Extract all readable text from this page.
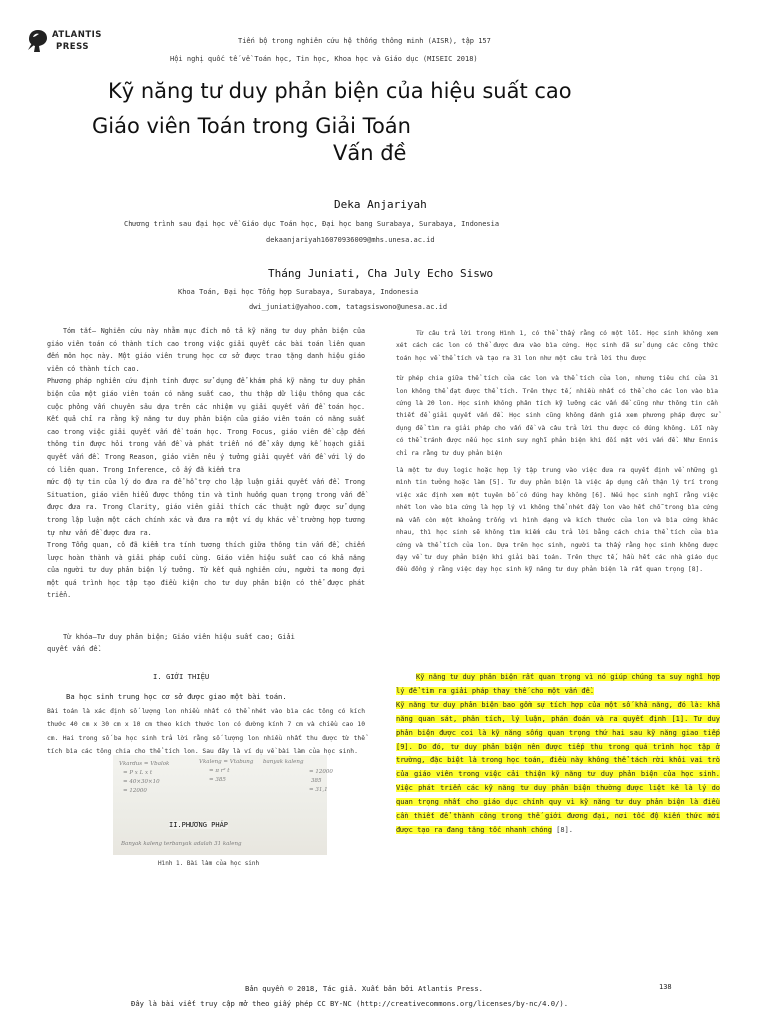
ATLANTIS
PRESS
Tiến bộ trong nghiên cứu hệ thống thông minh (AISR), tập 157
Hội nghị quốc tế về Toán học, Tin học, Khoa học và Giáo dục (MISEIC 2018)
Kỹ năng tư duy phản biện của hiệu suất cao
Giáo viên Toán trong Giải Toán
Vấn đề
Deka Anjariyah
Chương trình sau đại học về Giáo dục Toán học, Đại học bang Surabaya, Surabaya, Indonesia
dekaanjariyah16070936009@mhs.unesa.ac.id
Tháng Juniati, Cha July Echo Siswo
Khoa Toán, Đại học Tổng hợp Surabaya, Surabaya, Indonesia
dwi_juniati@yahoo.com, tatagsiswono@unesa.ac.id

Tóm tắt— Nghiên cứu này nhằm mục đích mô tả kỹ năng tư duy phản biện của giáo viên toán có thành tích cao trong việc giải quyết các bài toán liên quan đến môn học này. Một giáo viên trung học cơ sở được trao tặng danh hiệu giáo viên có thành tích cao.

Phương pháp nghiên cứu định tính được sử dụng để khám phá kỹ năng tư duy phản biện của một giáo viên toán có năng suất cao, thu thập dữ liệu thông qua các cuộc phỏng vấn chuyên sâu dựa trên các nhiệm vụ giải quyết vấn đề toán học. Kết quả chỉ ra rằng kỹ năng tư duy phản biện của giáo viên toán có năng suất cao trong việc giải quyết vấn đề toán học. Trong Focus, giáo viên đề cập đến thông tin được hỏi trong vấn đề và phát triển nó để xây dựng kế hoạch giải quyết vấn đề. Trong Reason, giáo viên nêu ý tưởng giải quyết vấn đề với lý do có liên quan. Trong Inference, cô ấy đã kiểm tra

mức độ tự tin của lý do đưa ra để hỗ trợ cho lập luận giải quyết vấn đề. Trong Situation, giáo viên hiểu được thông tin và tình huống quan trọng trong vấn đề được đưa ra. Trong Clarity, giáo viên giải thích các thuật ngữ được sử dụng trong lập luận một cách chính xác và đưa ra một ví dụ khác về trường hợp tương tự như vấn đề được đưa ra.

Trong Tổng quan, cô đã kiểm tra tính tương thích giữa thông tin vấn đề, chiến lược hoàn thành và giải pháp cuối cùng. Giáo viên hiệu suất cao có khả năng của người tư duy phản biện lý tưởng. Từ kết quả nghiên cứu, người ta mong đợi một quá trình học tập tạo điều kiện cho tư duy phản biện có thể được phát triển.

Từ khóa—Tư duy phản biện; Giáo viên hiệu suất cao; Giải quyết vấn đề.
I. GIỚI THIỆU
Ba học sinh trung học cơ sở được giao một bài toán.
Bài toán là xác định số lượng lon nhiều nhất có thể nhét vào bìa các tông có kích thước 40 cm x 30 cm x 10 cm theo kích thước lon có đường kính 7 cm và chiều cao 10 cm. Hai trong số ba học sinh trả lời rằng số lượng lon nhiều nhất thu được từ thể tích bìa các tông chia cho thể tích lon. Sau đây là ví dụ về bài làm của học sinh.
Vkardus = Vbalok
= P x L x t
= 40×30×10
= 12000
Vkaleng = Vtabung
= π r² t
= 385
banyak kaleng
= 12000
385
= 31,1
Banyak kaleng terbanyak adalah 31 kaleng
II.PHƯƠNG PHÁP
Hình 1. Bài làm của học sinh

Từ câu trả lời trong Hình 1, có thể thấy rằng có một lỗi. Học sinh không xem xét cách các lon có thể được đưa vào bìa cứng. Học sinh đã sử dụng các công thức toán học về thể tích và tạo ra 31 lon như một câu trả lời thu được

từ phép chia giữa thể tích của các lon và thể tích của lon, nhưng tiêu chí của 31 lon không thể đạt được thể tích. Trên thực tế, nhiều nhất có thể cho các lon vào bìa cứng là 20 lon. Học sinh không phân tích kỹ lưỡng các vấn đề cũng như thông tin cần thiết để giải quyết vấn đề. Học sinh cũng không đánh giá xem phương pháp được sử dụng để tìm ra giải pháp cho vấn đề và câu trả lời thu được có đúng không. Lỗi này có thể tránh được nếu học sinh suy nghĩ phản biện khi đối mặt với vấn đề. Như Ennis chỉ ra rằng tư duy phản biện

là một tư duy logic hoặc hợp lý tập trung vào việc đưa ra quyết định về những gì mình tin tưởng hoặc làm [5]. Tư duy phản biện là việc áp dụng cẩn thận lý trí trong việc xác định xem một tuyên bố có đúng hay không [6]. Nếu học sinh nghĩ rằng việc nhét lon vào bìa cứng là hợp lý vì không thể nhét đầy lon vào hết chỗ trong bìa cứng mà vẫn còn một khoảng trống vì hình dạng và kích thước của lon và bìa cứng khác nhau, thì học sinh sẽ không tìm kiếm câu trả lời bằng cách chia thể tích của bìa cứng và thể tích của lon. Dựa trên học sinh, người ta thấy rằng học sinh không được dạy về tư duy phản biện khi giải bài toán. Trên thực tế, hầu hết các nhà giáo dục đều đồng ý rằng việc dạy học sinh kỹ năng tư duy phản biện là rất quan trọng [8].

Kỹ năng tư duy phản biện rất quan trọng vì nó giúp chúng ta suy nghĩ hợp lý để tìm ra giải pháp thay thế cho một vấn đề.

Kỹ năng tư duy phản biện bao gồm sự tích hợp của một số khả năng, đó là: khả năng quan sát, phân tích, lý luận, phán đoán và ra quyết định [1]. Tư duy phản biện được coi là kỹ năng sống quan trọng thứ hai sau kỹ năng giao tiếp [9]. Do đó, tư duy phản biện nên được tiếp thu trong quá trình học tập ở trường, đặc biệt là trong học toán, điều này không thể tách rời khỏi vai trò của giáo viên trong việc cải thiện kỹ năng tư duy phản biện của học sinh. Việc phát triển các kỹ năng tư duy phản biện thường được liệt kê là lý do quan trọng nhất cho giáo dục chính quy vì kỹ năng tư duy phản biện là điều cần thiết để thành công trong thế giới đương đại, nơi tốc độ kiến thức mới được tạo ra đang tăng tốc nhanh chóng [8].

138
Bản quyền © 2018, Tác giả. Xuất bản bởi Atlantis Press.
Đây là bài viết truy cập mở theo giấy phép CC BY-NC (http://creativecommons.org/licenses/by-nc/4.0/).
